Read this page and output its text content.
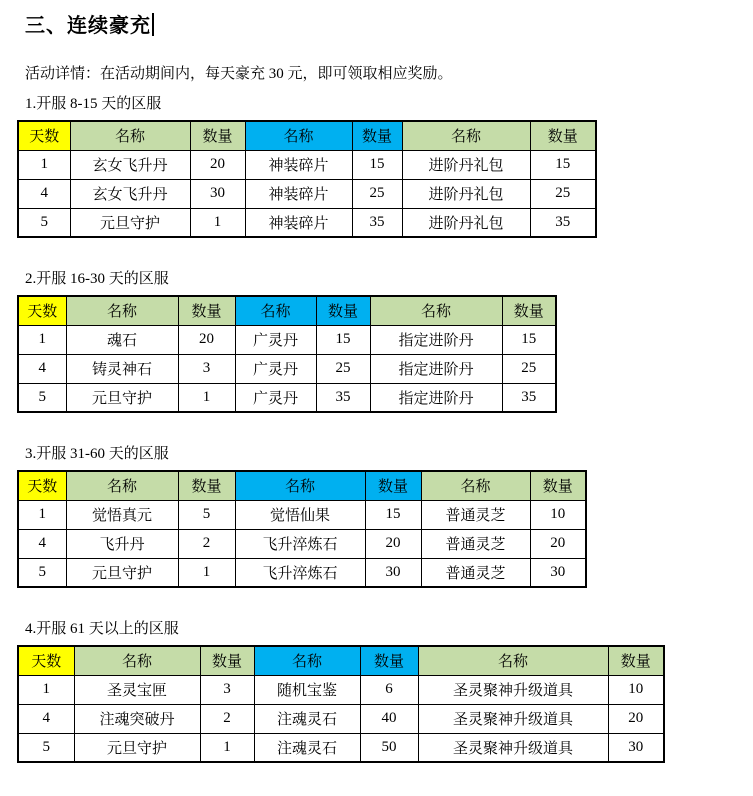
三、连续豪充

活动详情：在活动期间内，每天豪充 30 元，即可领取相应奖励。

1.开服 8-15 天的区服

天数	名称	数量	名称	数量	名称	数量
1	玄女飞升丹	20	神装碎片	15	进阶丹礼包	15
4	玄女飞升丹	30	神装碎片	25	进阶丹礼包	25
5	元旦守护	1	神装碎片	35	进阶丹礼包	35

2.开服 16-30 天的区服

天数	名称	数量	名称	数量	名称	数量
1	魂石	20	广灵丹	15	指定进阶丹	15
4	铸灵神石	3	广灵丹	25	指定进阶丹	25
5	元旦守护	1	广灵丹	35	指定进阶丹	35

3.开服 31-60 天的区服

天数	名称	数量	名称	数量	名称	数量
1	觉悟真元	5	觉悟仙果	15	普通灵芝	10
4	飞升丹	2	飞升淬炼石	20	普通灵芝	20
5	元旦守护	1	飞升淬炼石	30	普通灵芝	30

4.开服 61 天以上的区服

天数	名称	数量	名称	数量	名称	数量
1	圣灵宝匣	3	随机宝鉴	6	圣灵聚神升级道具	10
4	注魂突破丹	2	注魂灵石	40	圣灵聚神升级道具	20
5	元旦守护	1	注魂灵石	50	圣灵聚神升级道具	30
